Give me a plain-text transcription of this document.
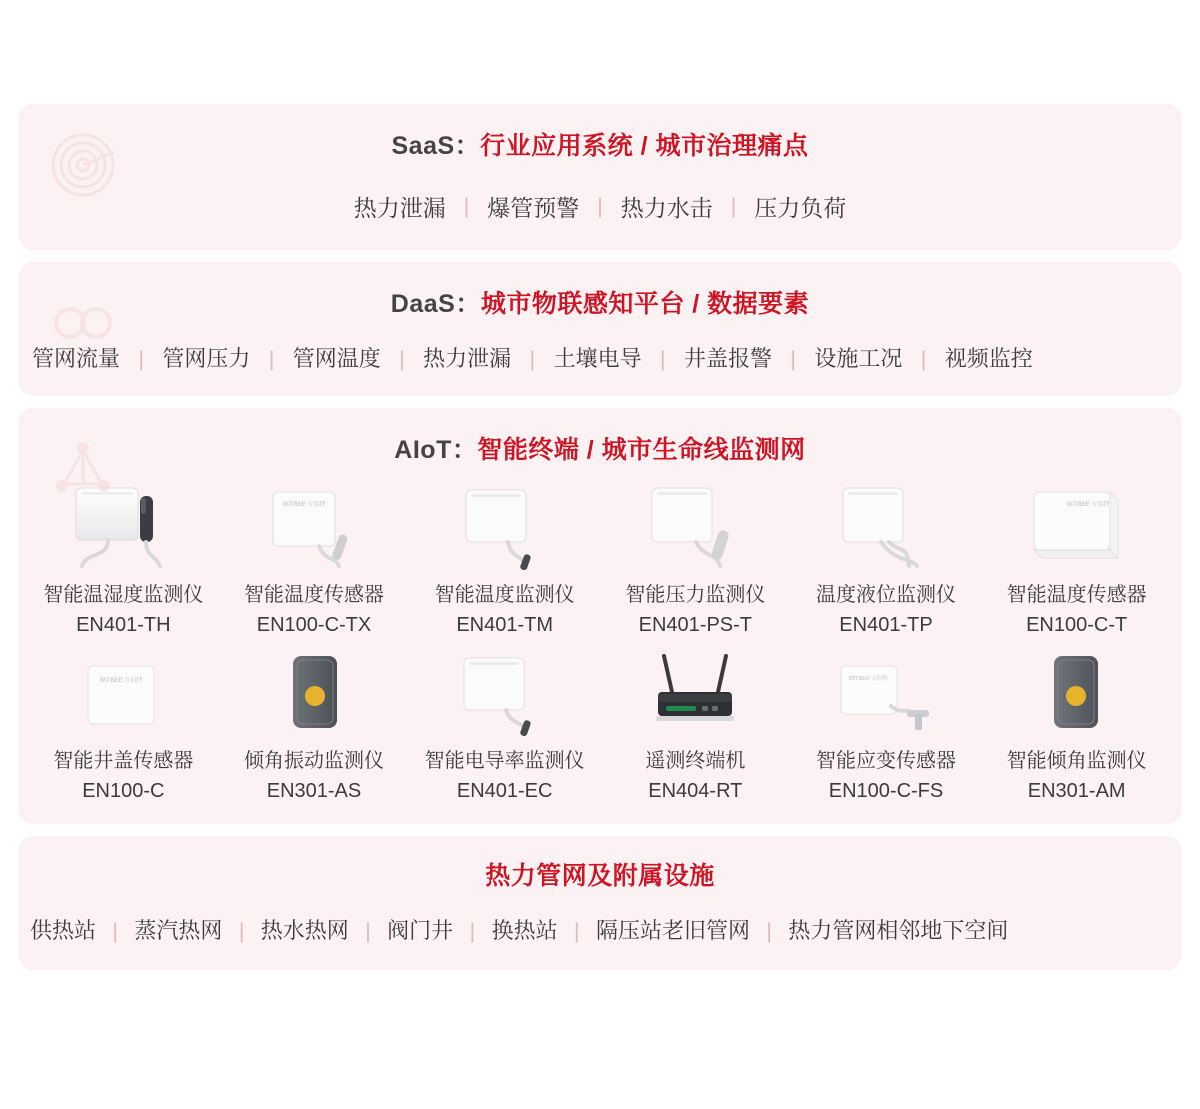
SaaS：行业应用系统 / 城市治理痛点
热力泄漏 | 爆管预警 | 热力水击 | 压力负荷
DaaS：城市物联感知平台 / 数据要素
管网流量 | 管网压力 | 管网温度 | 热力泄漏 | 土壤电导 | 井盖报警 | 设施工况 | 视频监控
AIoT：智能终端 / 城市生命线监测网
智能温湿度监测仪
EN401-TH
WITBEE 万佰特
智能温度传感器
EN100-C-TX
智能温度监测仪
EN401-TM
智能压力监测仪
EN401-PS-T
温度液位监测仪
EN401-TP
WITBEE 万佰特
智能温度传感器
EN100-C-T
WITBEE 万佰特
智能井盖传感器
EN100-C
倾角振动监测仪
EN301-AS
智能电导率监测仪
EN401-EC
遥测终端机
EN404-RT
WITBEE 万佰特
智能应变传感器
EN100-C-FS
智能倾角监测仪
EN301-AM
热力管网及附属设施
供热站 | 蒸汽热网 | 热水热网 | 阀门井 | 换热站 | 隔压站老旧管网 | 热力管网相邻地下空间
